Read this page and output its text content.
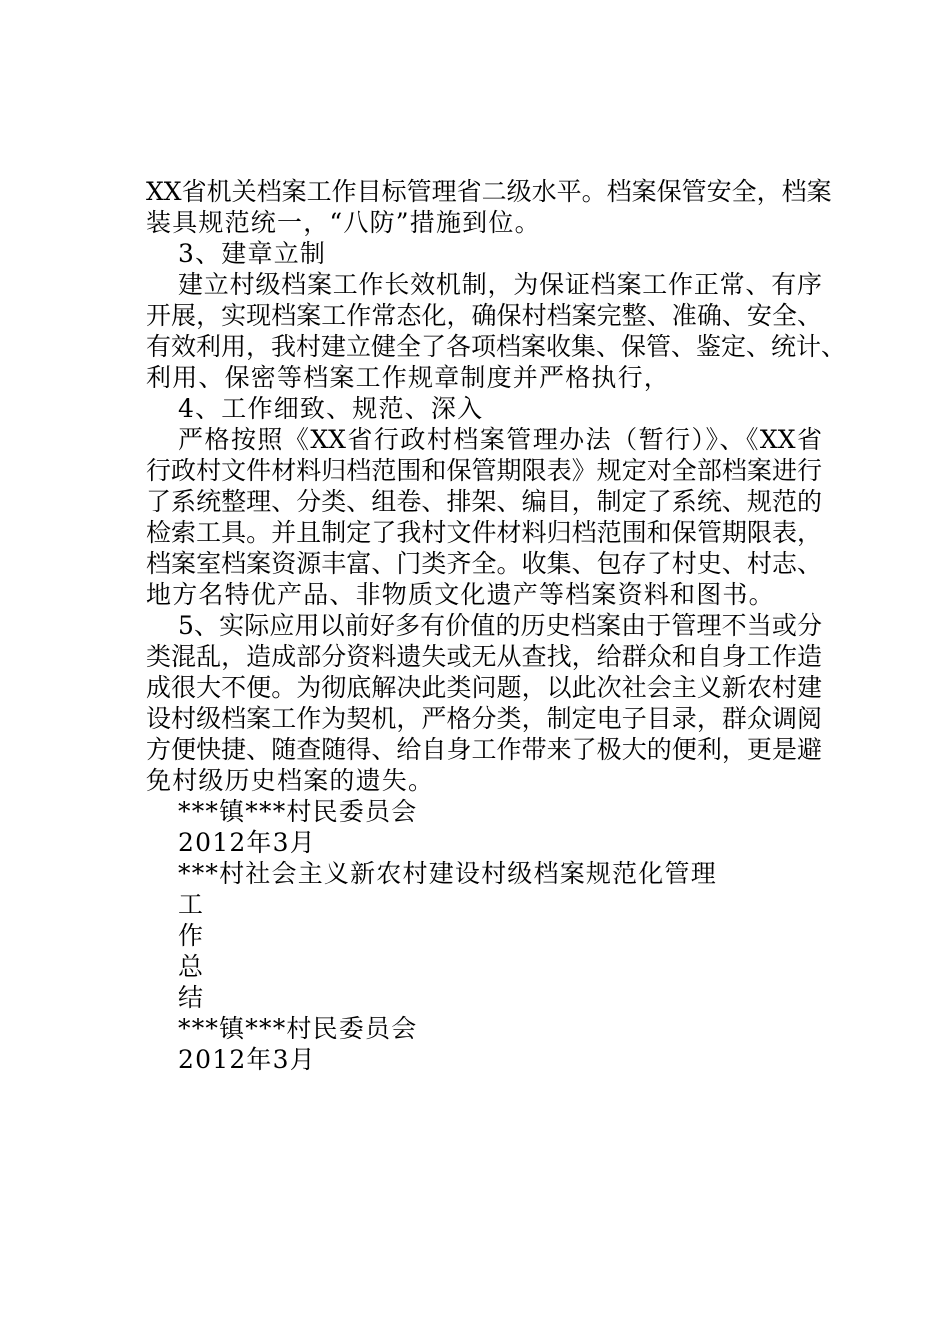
XX省机关档案工作目标管理省二级水平。档案保管安全，档案
装具规范统一，“八防”措施到位。
3、建章立制
建立村级档案工作长效机制，为保证档案工作正常、有序
开展，实现档案工作常态化，确保村档案完整、准确、安全、
有效利用，我村建立健全了各项档案收集、保管、鉴定、统计、
利用、保密等档案工作规章制度并严格执行，
4、工作细致、规范、深入
严格按照《XX省行政村档案管理办法（暂行）》、《XX省
行政村文件材料归档范围和保管期限表》规定对全部档案进行
了系统整理、分类、组卷、排架、编目，制定了系统、规范的
检索工具。并且制定了我村文件材料归档范围和保管期限表，
档案室档案资源丰富、门类齐全。收集、包存了村史、村志、
地方名特优产品、非物质文化遗产等档案资料和图书。
5、实际应用以前好多有价值的历史档案由于管理不当或分
类混乱，造成部分资料遗失或无从查找，给群众和自身工作造
成很大不便。为彻底解决此类问题，以此次社会主义新农村建
设村级档案工作为契机，严格分类，制定电子目录，群众调阅
方便快捷、随查随得、给自身工作带来了极大的便利，更是避
免村级历史档案的遗失。
***镇***村民委员会
2012年3月
***村社会主义新农村建设村级档案规范化管理
工
作
总
结
***镇***村民委员会
2012年3月
